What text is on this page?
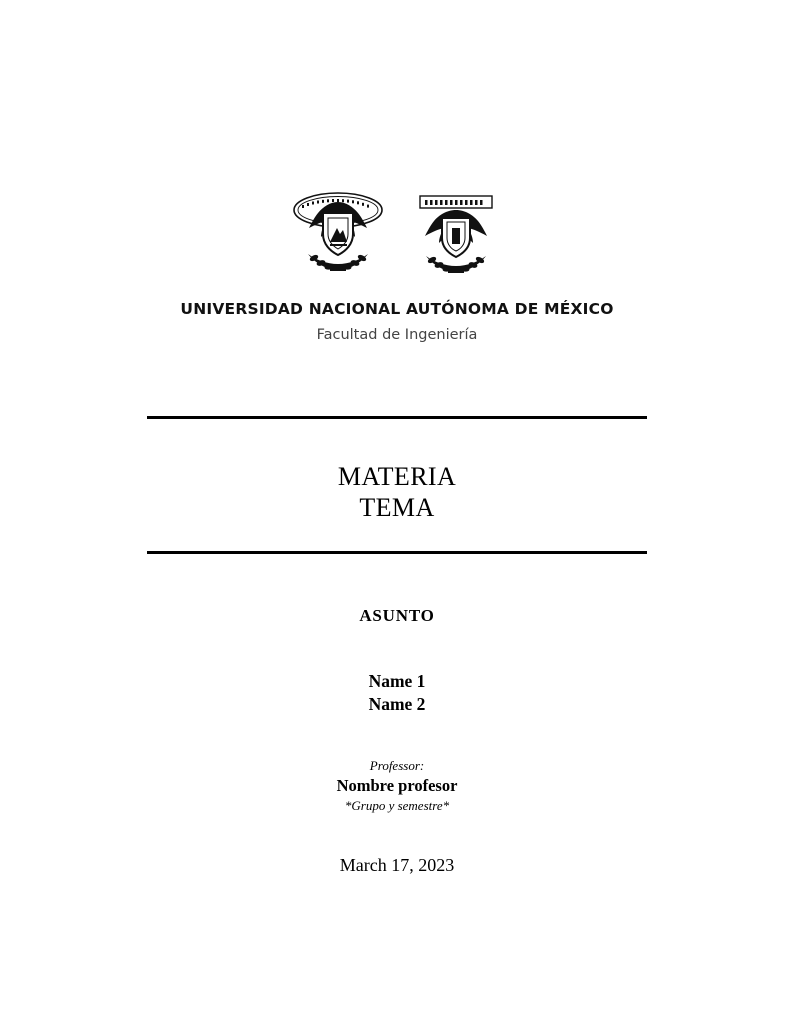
UNIVERSIDAD NACIONAL AUTÓNOMA DE MÉXICO
Facultad de Ingeniería
MATERIA
TEMA
ASUNTO
Name 1
Name 2
Professor:
Nombre profesor
*Grupo y semestre*
March 17, 2023
